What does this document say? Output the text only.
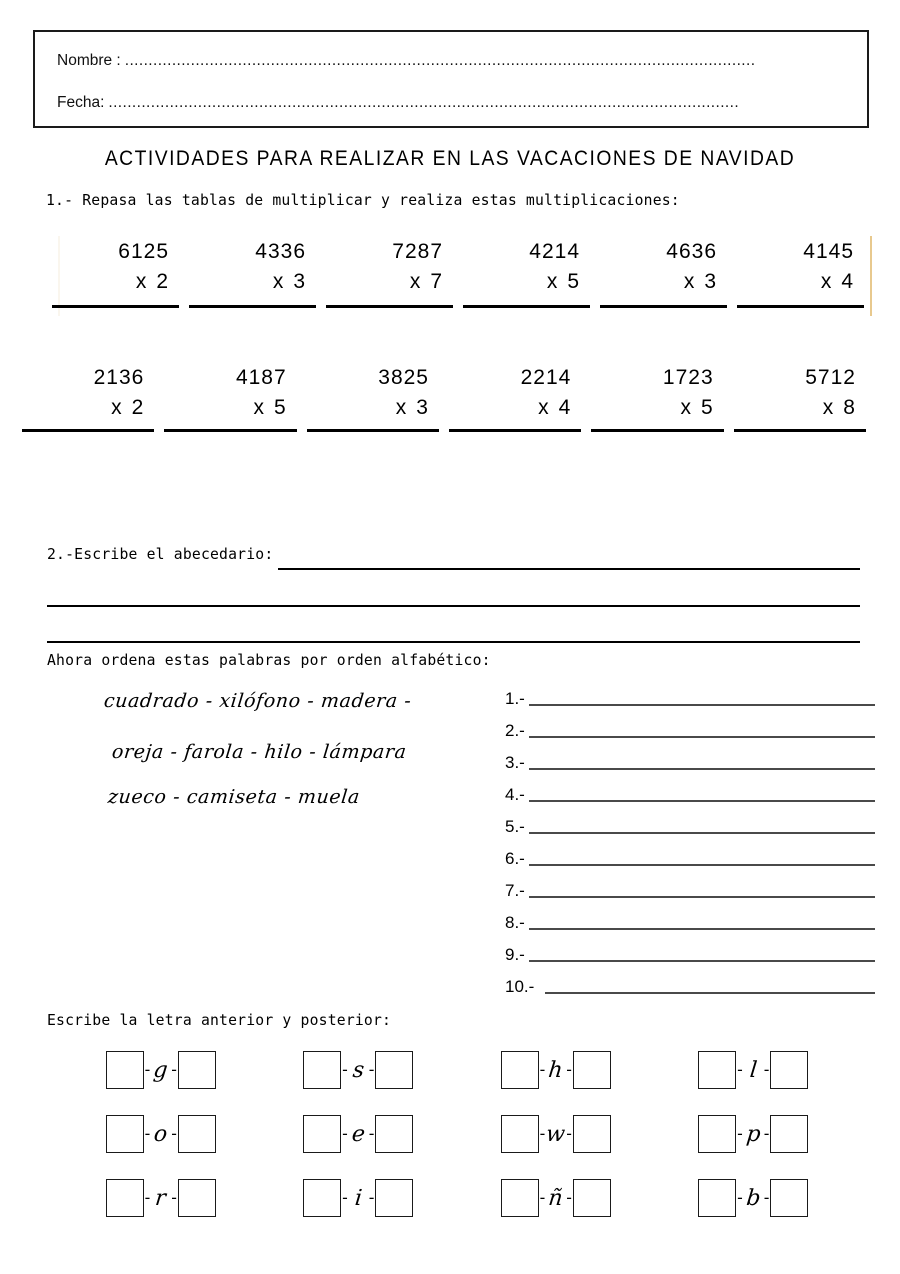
Nombre : ......................................................................................................................................
Fecha: ......................................................................................................................................
ACTIVIDADES PARA REALIZAR EN LAS VACACIONES DE NAVIDAD
1.- Repasa las tablas de multiplicar y realiza estas multiplicaciones:
6125
x 2
4336
x 3
7287
x 7
4214
x 5
4636
x 3
4145
x 4
2136
x 2
4187
x 5
3825
x 3
2214
x 4
1723
x 5
5712
x 8
2.-Escribe el abecedario:
Ahora ordena estas palabras por orden alfabético:
cuadrado - xilófono - madera -
oreja - farola - hilo - lámpara
zueco - camiseta - muela
1.-
2.-
3.-
4.-
5.-
6.-
7.-
8.-
9.-
10.-
Escribe la letra anterior y posterior:
- g -	- s -	- h -	- l -
- o -	- e -	- w -	- p -
- r -	- i -	- ñ -	- b -
